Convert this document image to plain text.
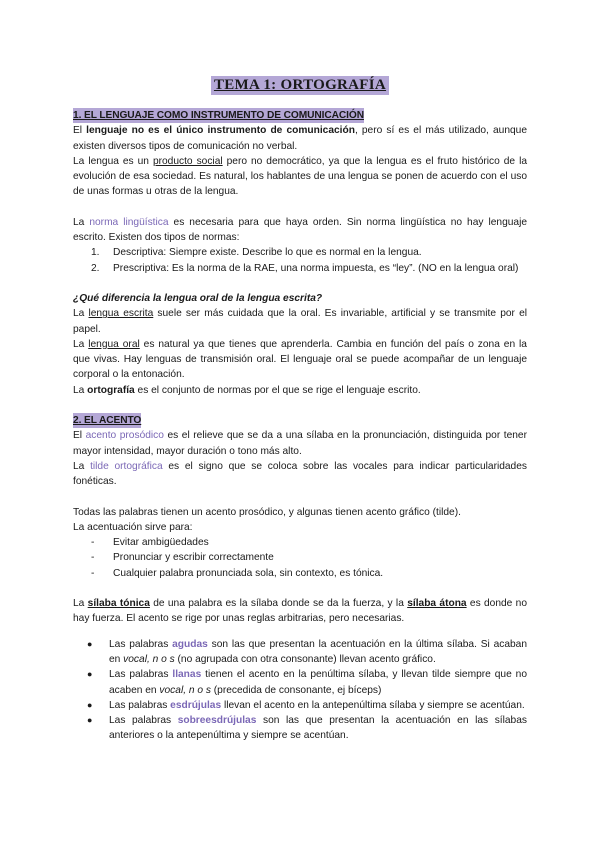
TEMA 1: ORTOGRAFÍA
1. EL LENGUAJE COMO INSTRUMENTO DE COMUNICACIÓN

El lenguaje no es el único instrumento de comunicación, pero sí es el más utilizado, aunque existen diversos tipos de comunicación no verbal.

La lengua es un producto social pero no democrático, ya que la lengua es el fruto histórico de la evolución de esa sociedad. Es natural, los hablantes de una lengua se ponen de acuerdo con el uso de unas formas u otras de la lengua.

La norma lingüística es necesaria para que haya orden. Sin norma lingüística no hay lenguaje escrito. Existen dos tipos de normas:

1. Descriptiva: Siempre existe. Describe lo que es normal en la lengua.
2. Prescriptiva: Es la norma de la RAE, una norma impuesta, es “ley”. (NO en la lengua oral)

¿Qué diferencia la lengua oral de la lengua escrita?

La lengua escrita suele ser más cuidada que la oral. Es invariable, artificial y se transmite por el papel.

La lengua oral es natural ya que tienes que aprenderla. Cambia en función del país o zona en la que vivas. Hay lenguas de transmisión oral. El lenguaje oral se puede acompañar de un lenguaje corporal o la entonación.

La ortografía es el conjunto de normas por el que se rige el lenguaje escrito.

2. EL ACENTO

El acento prosódico es el relieve que se da a una sílaba en la pronunciación, distinguida por tener mayor intensidad, mayor duración o tono más alto.

La tilde ortográfica es el signo que se coloca sobre las vocales para indicar particularidades fonéticas.

Todas las palabras tienen un acento prosódico, y algunas tienen acento gráfico (tilde).

La acentuación sirve para:

- Evitar ambigüedades
- Pronunciar y escribir correctamente
- Cualquier palabra pronunciada sola, sin contexto, es tónica.

La sílaba tónica de una palabra es la sílaba donde se da la fuerza, y la sílaba átona es donde no hay fuerza. El acento se rige por unas reglas arbitrarias, pero necesarias.

● Las palabras agudas son las que presentan la acentuación en la última sílaba. Si acaban en vocal, n o s (no agrupada con otra consonante) llevan acento gráfico.
● Las palabras llanas tienen el acento en la penúltima sílaba, y llevan tilde siempre que no acaben en vocal, n o s (precedida de consonante, ej bíceps)
● Las palabras esdrújulas llevan el acento en la antepenúltima sílaba y siempre se acentúan.
● Las palabras sobreesdrújulas son las que presentan la acentuación en las sílabas anteriores o la antepenúltima y siempre se acentúan.
